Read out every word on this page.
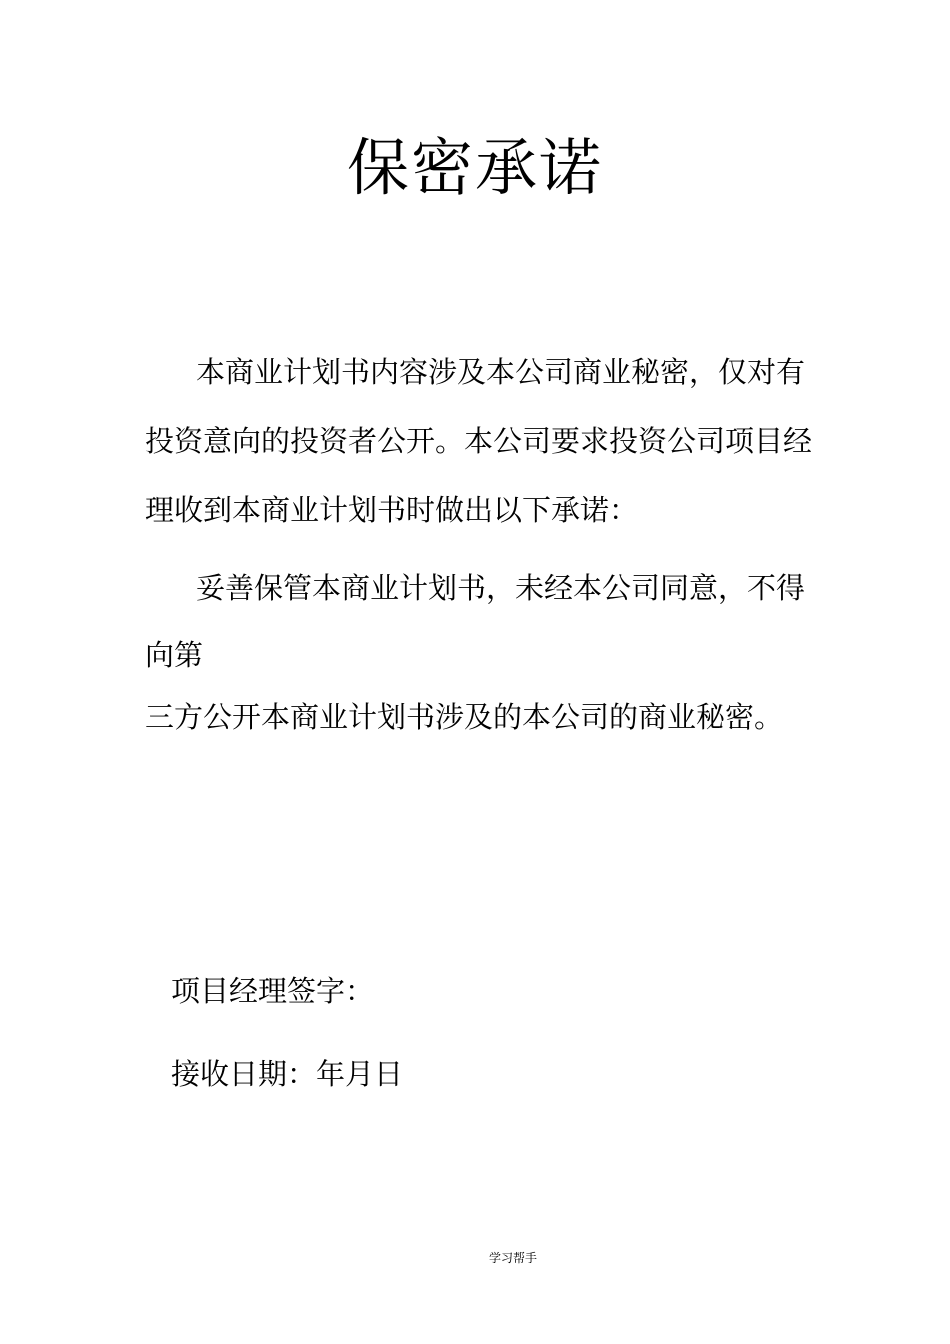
保密承诺
本商业计划书内容涉及本公司商业秘密，仅对有投资意向的投资者公开。本公司要求投资公司项目经理收到本商业计划书时做出以下承诺：
妥善保管本商业计划书，未经本公司同意，不得向第
三方公开本商业计划书涉及的本公司的商业秘密。
项目经理签字：
接收日期：年月日
学习帮手
